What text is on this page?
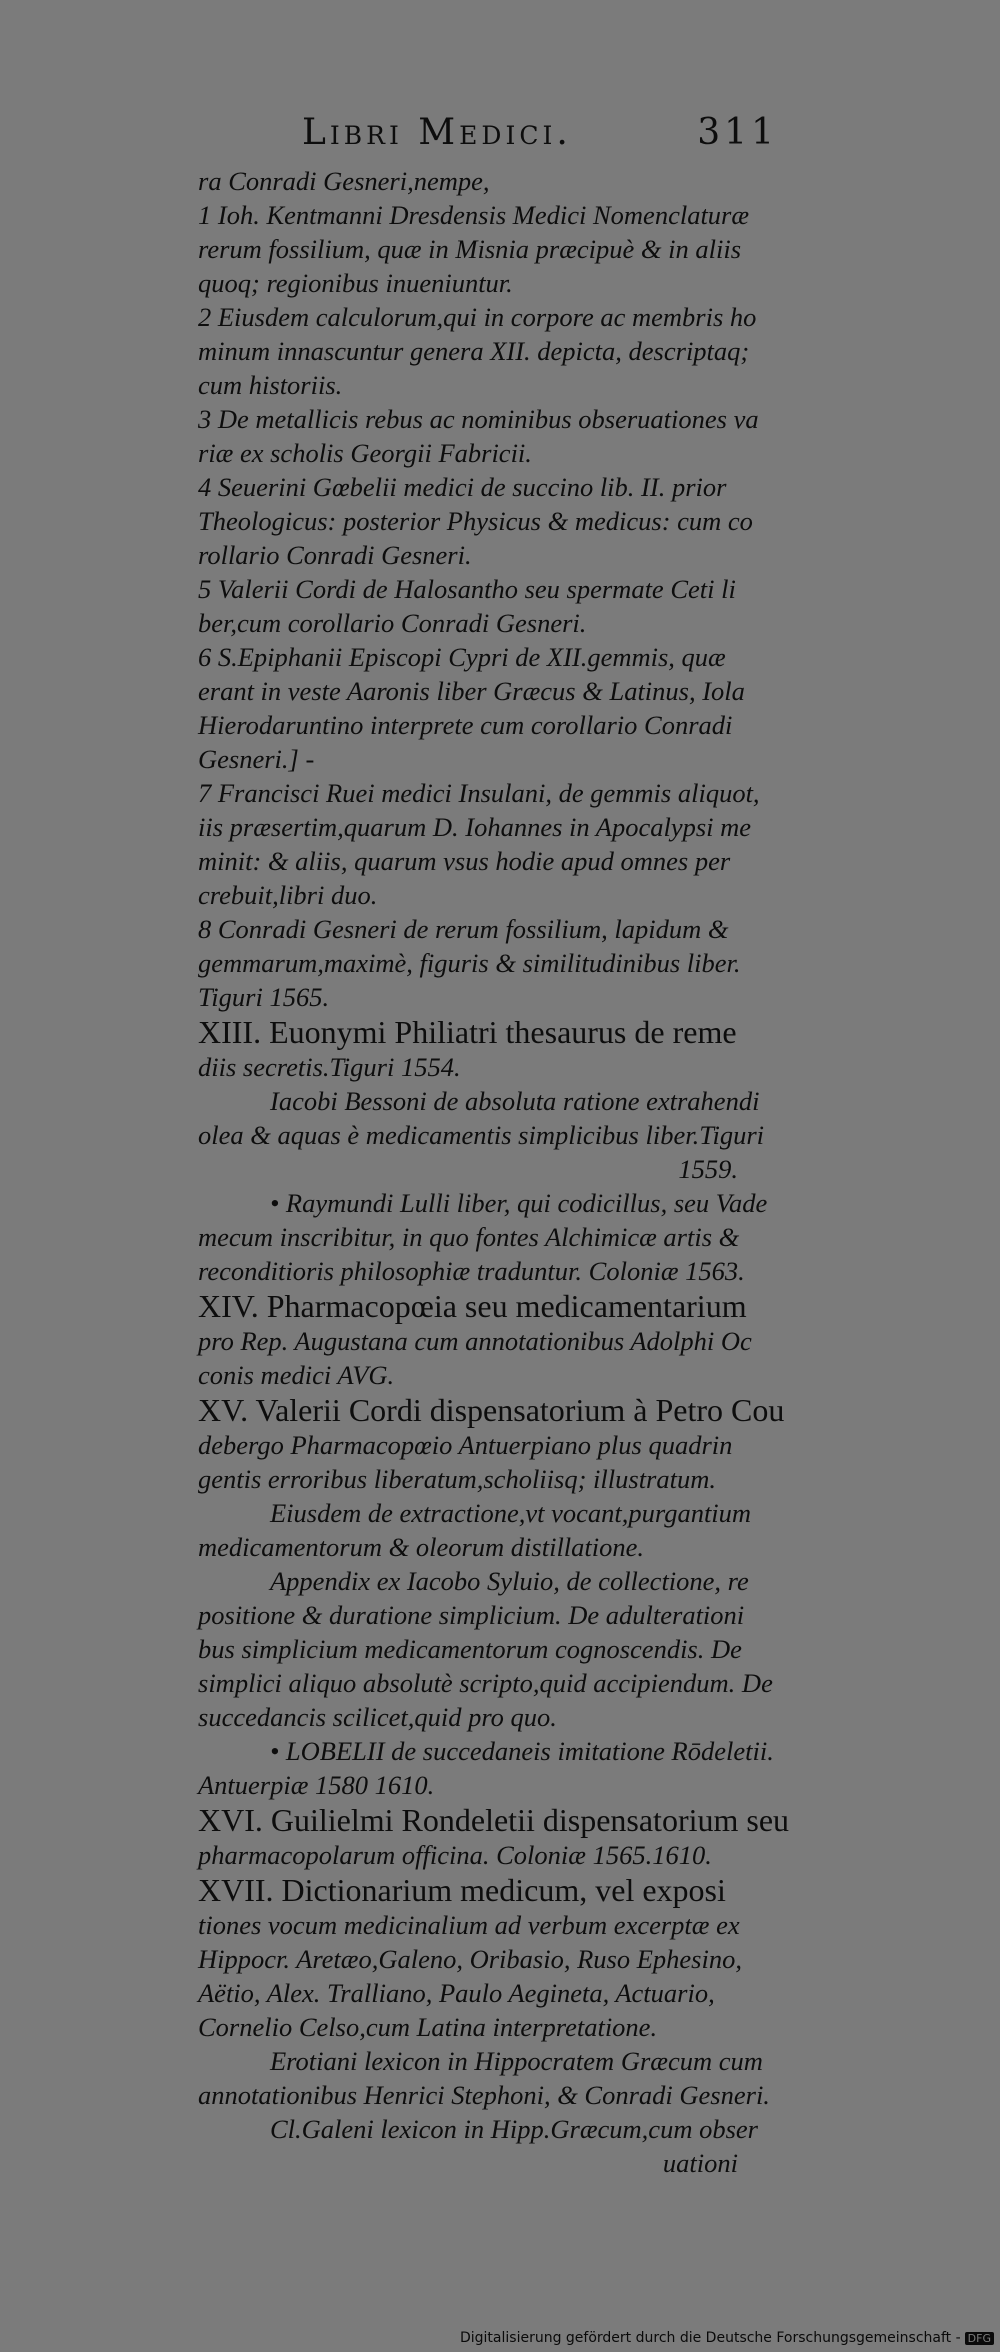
Libri Medici.	311
ra Conradi Gesneri,nempe,
1 Ioh. Kentmanni Dresdensis Medici Nomenclaturæ
rerum fossilium, quæ in Misnia præcipuè & in aliis
quoq; regionibus inueniuntur.
2 Eiusdem calculorum,qui in corpore ac membris ho
minum innascuntur genera XII. depicta, descriptaq;
cum historiis.
3 De metallicis rebus ac nominibus obseruationes va
riæ ex scholis Georgii Fabricii.
4 Seuerini Gœbelii medici de succino lib. II. prior
Theologicus: posterior Physicus & medicus: cum co
rollario Conradi Gesneri.
5 Valerii Cordi de Halosantho seu spermate Ceti li
ber,cum corollario Conradi Gesneri.
6 S.Epiphanii Episcopi Cypri de XII.gemmis, quæ
erant in veste Aaronis liber Græcus & Latinus, Iola
Hierodaruntino interprete cum corollario Conradi
Gesneri.] -
7 Francisci Ruei medici Insulani, de gemmis aliquot,
iis præsertim,quarum D. Iohannes in Apocalypsi me
minit: & aliis, quarum vsus hodie apud omnes per
crebuit,libri duo.
8 Conradi Gesneri de rerum fossilium, lapidum &
gemmarum,maximè, figuris & similitudinibus liber.
Tiguri 1565.
XIII. Euonymi Philiatri thesaurus de reme
diis secretis.Tiguri 1554.
Iacobi Bessoni de absoluta ratione extrahendi
olea & aquas è medicamentis simplicibus liber.Tiguri
1559.
• Raymundi Lulli liber, qui codicillus, seu Vade
mecum inscribitur, in quo fontes Alchimicæ artis &
reconditioris philosophiæ traduntur. Coloniæ 1563.
XIV. Pharmacopœia seu medicamentarium
pro Rep. Augustana cum annotationibus Adolphi Oc
conis medici AVG.
XV. Valerii Cordi dispensatorium à Petro Cou
debergo Pharmacopœio Antuerpiano plus quadrin
gentis erroribus liberatum,scholiisq; illustratum.
Eiusdem de extractione,vt vocant,purgantium
medicamentorum & oleorum distillatione.
Appendix ex Iacobo Syluio, de collectione, re
positione & duratione simplicium. De adulterationi
bus simplicium medicamentorum cognoscendis. De
simplici aliquo absolutè scripto,quid accipiendum. De
succedancis scilicet,quid pro quo.
• LOBELII de succedaneis imitatione Rōdeletii.
Antuerpiæ 1580 1610.
XVI. Guilielmi Rondeletii dispensatorium seu
pharmacopolarum officina. Coloniæ 1565.1610.
XVII. Dictionarium medicum, vel exposi
tiones vocum medicinalium ad verbum excerptæ ex
Hippocr. Aretæo,Galeno, Oribasio, Ruso Ephesino,
Aëtio, Alex. Tralliano, Paulo Aegineta, Actuario,
Cornelio Celso,cum Latina interpretatione.
Erotiani lexicon in Hippocratem Græcum cum
annotationibus Henrici Stephoni, & Conradi Gesneri.
Cl.Galeni lexicon in Hipp.Græcum,cum obser
uationi
Digitalisierung gefördert durch die Deutsche Forschungsgemeinschaft - DFG
